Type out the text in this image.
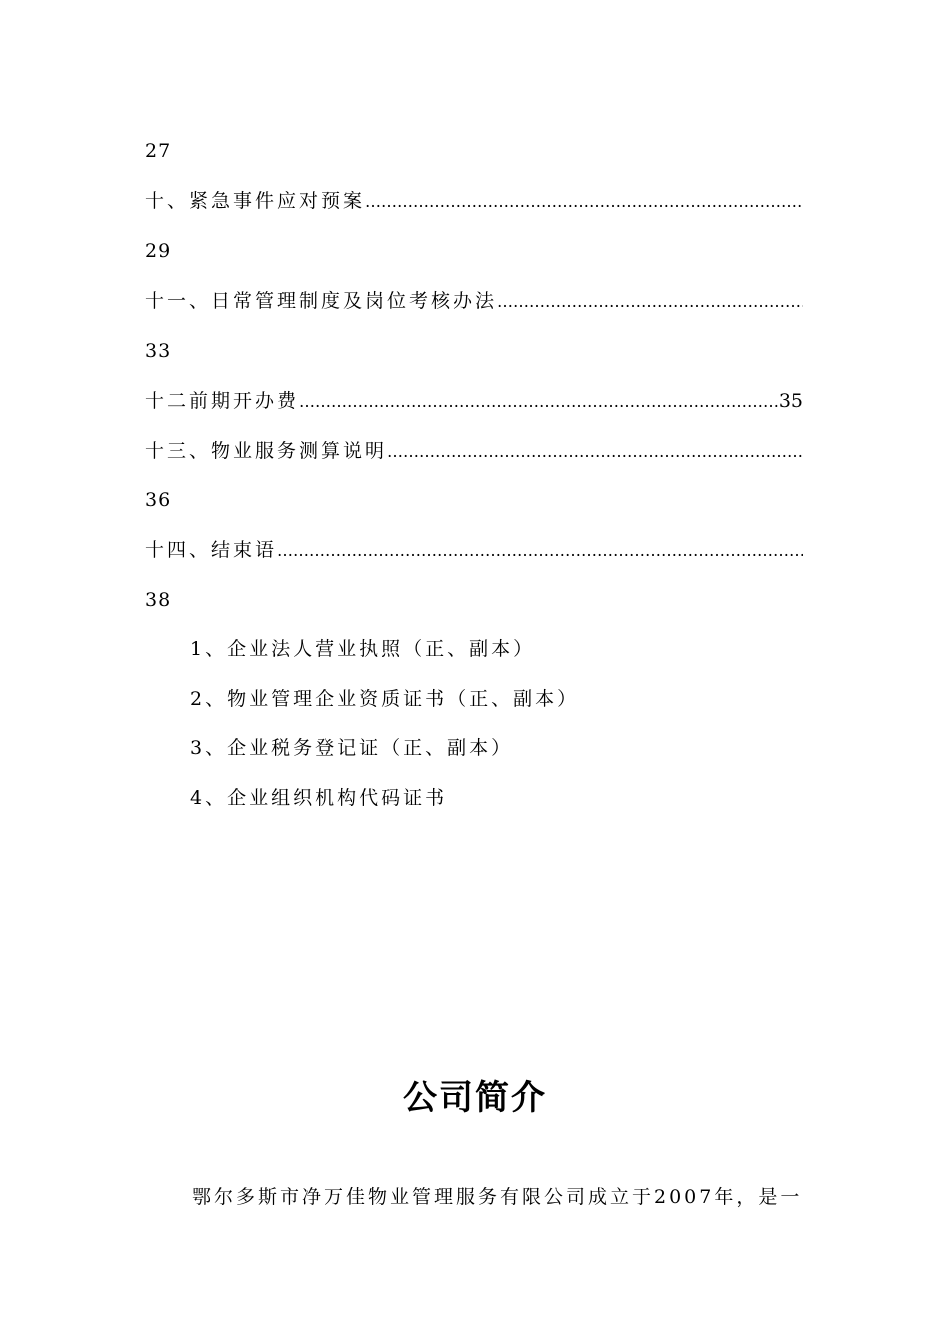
27
十、紧急事件应对预案
…………………………………………………………………………………………………………………………………………………………………………………………………
29
十一、日常管理制度及岗位考核办法
…………………………………………………………………………………………………………………………………………………………………………………………………
33
十二前期开办费
…………………………………………………………………………………………………………………………………………………………………………………………………	35
十三、物业服务测算说明
…………………………………………………………………………………………………………………………………………………………………………………………………
36
十四、结束语
…………………………………………………………………………………………………………………………………………………………………………………………………
38
1、企业法人营业执照（正、副本）
2、物业管理企业资质证书（正、副本）
3、企业税务登记证（正、副本）
4、企业组织机构代码证书
公司简介
鄂尔多斯市净万佳物业管理服务有限公司成立于2007年，是一
